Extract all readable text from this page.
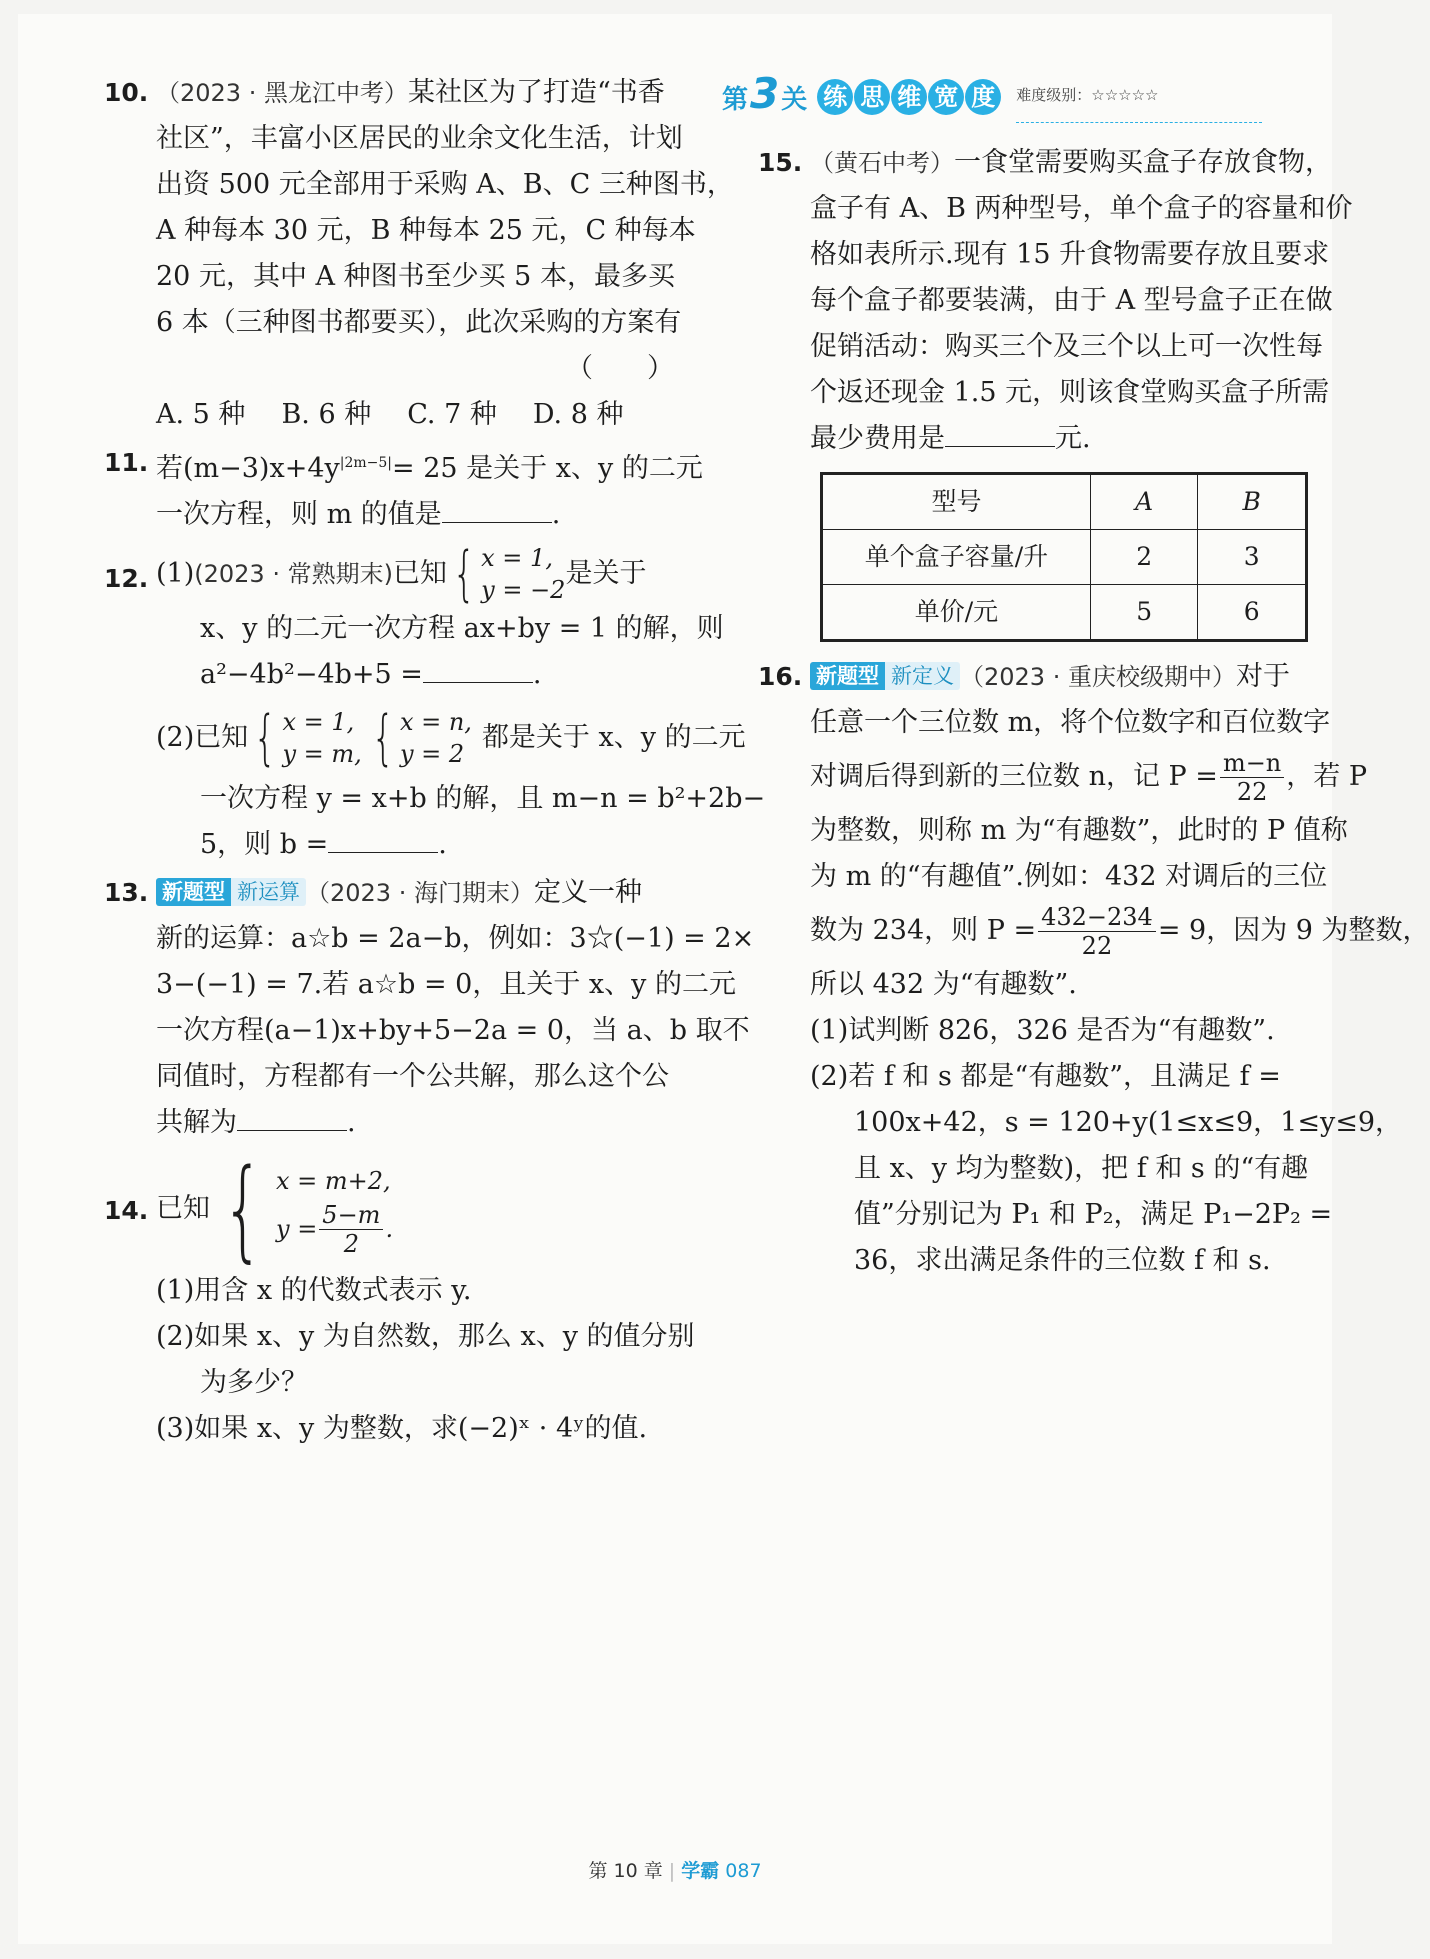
10. （2023 · 黑龙江中考）某社区为了打造“书香
社区”，丰富小区居民的业余文化生活，计划
出资 500 元全部用于采购 A、B、C 三种图书，
A 种每本 30 元，B 种每本 25 元，C 种每本
20 元，其中 A 种图书至少买 5 本，最多买
6 本（三种图书都要买），此次采购的方案有
（　　）
A. 5 种 B. 6 种 C. 7 种 D. 8 种
11. 若$(m-3)x+4y^{|2m-5|}= 25$ 是关于 x、y 的二元
一次方程，则 m 的值是	.
12. (1) (2023 · 常熟期末) 已知 { x = 1,
y = −2
是关于
x、y 的二元一次方程 ax+by = 1 的解，则
a²−4b²−4b+5 =	.
(2)已知 { x = 1,
y = m, { x = n,
y = 2
都是关于 x、y 的二元
一次方程 y = x+b 的解，且 m−n = b²+2b−
5，则 b =	.
13. 新题型 新运算 （2023 · 海门期末）定义一种
新的运算：a☆b = 2a−b，例如：3☆(−1) = 2×
3−(−1) = 7.若 a☆b = 0，且关于 x、y 的二元
一次方程(a−1)x+by+5−2a = 0，当 a、b 取不
同值时，方程都有一个公共解，那么这个公
共解为	.
14. 已知 { x = m+2,
$y = \frac{5-m}{2}$ .
(1)用含 x 的代数式表示 y.
(2)如果 x、y 为自然数，那么 x、y 的值分别
为多少？
(3)如果 x、y 为整数，求(−2)ˣ · 4ʸ的值.
第3关 练 思 维 宽 度	难度级别：☆☆☆☆☆
15. （黄石中考）一食堂需要购买盒子存放食物，
盒子有 A、B 两种型号，单个盒子的容量和价
格如表所示.现有 15 升食物需要存放且要求
每个盒子都要装满，由于 A 型号盒子正在做
促销活动：购买三个及三个以上可一次性每
个返还现金 1.5 元，则该食堂购买盒子所需
最少费用是	元.
型号	A	B
单个盒子容量/升	2	3
单价/元	5	6
16. 新题型 新定义 （2023 · 重庆校级期中）对于
任意一个三位数 m，将个位数字和百位数字
对调后得到新的三位数 n，记 $P = \frac{m-n}{22}$ ，若 P
为整数，则称 m 为“有趣数”，此时的 P 值称
为 m 的“有趣值”.例如：432 对调后的三位
数为 234，则 $P = \frac{432-234}{22} = 9$，因为 9 为整数，
所以 432 为“有趣数”.
(1)试判断 826，326 是否为“有趣数”.
(2)若 f 和 s 都是“有趣数”，且满足 f =
100x+42，s = 120+y(1≤x≤9，1≤y≤9，
且 x、y 均为整数)，把 f 和 s 的“有趣
值”分别记为 P₁ 和 P₂，满足 P₁−2P₂ =
36，求出满足条件的三位数 f 和 s.
第 10 章 | 学霸 087
